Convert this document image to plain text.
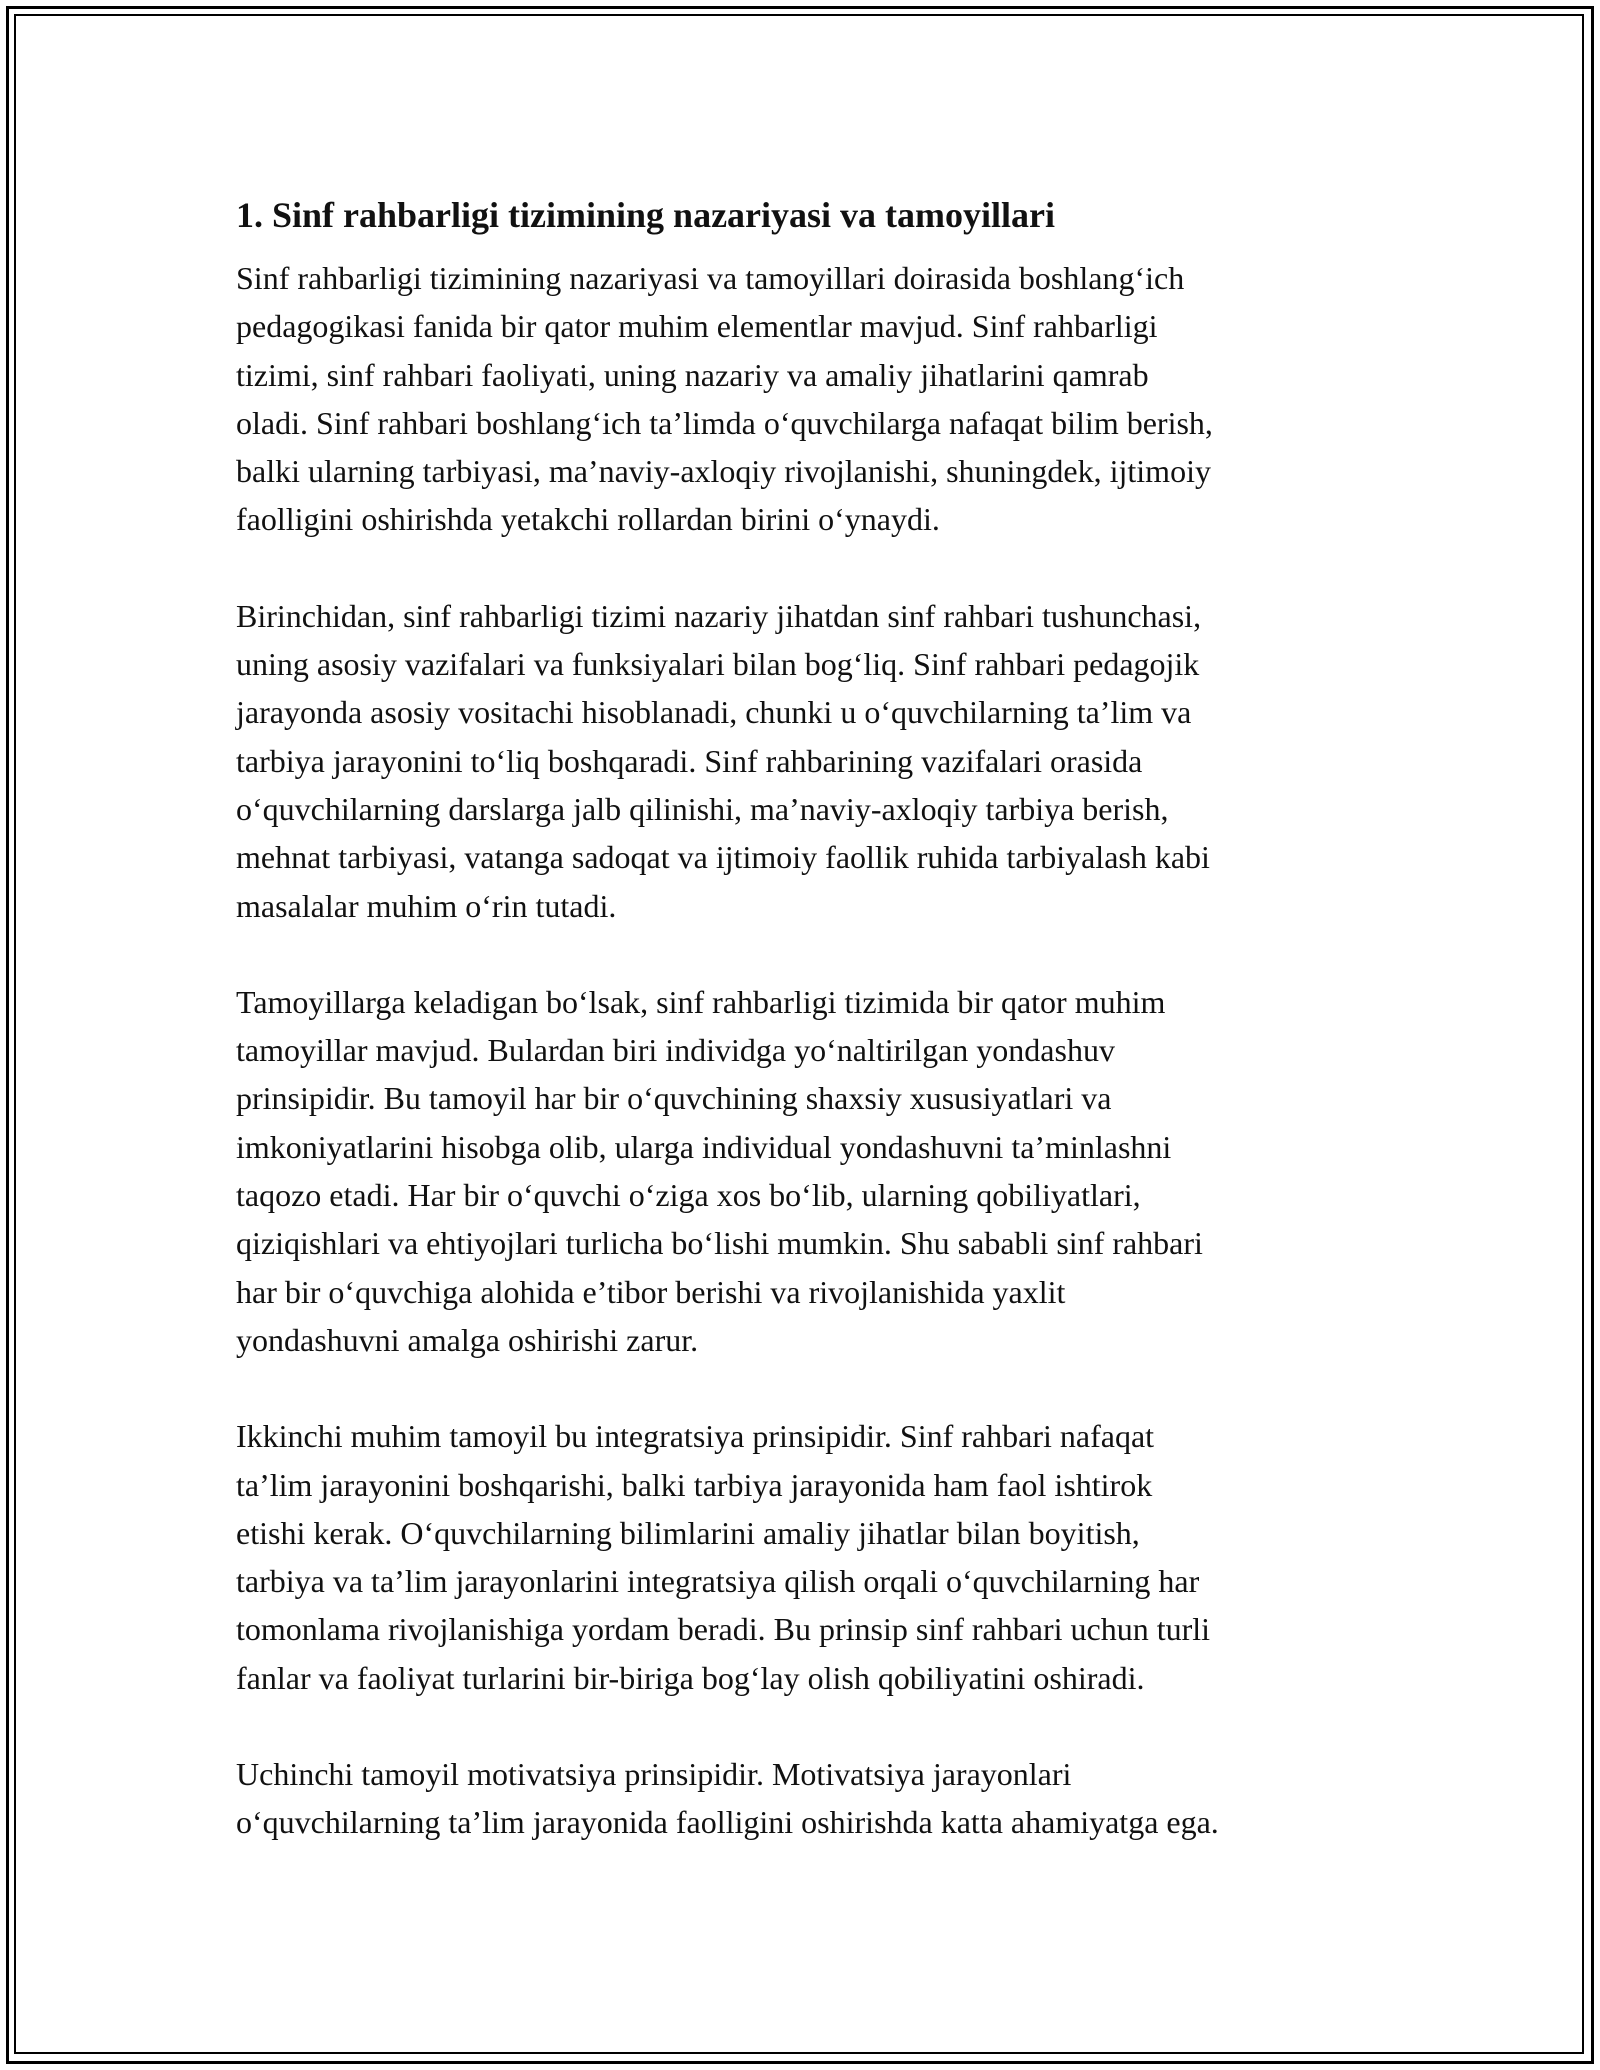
1. Sinf rahbarligi tizimining nazariyasi va tamoyillari

Sinf rahbarligi tizimining nazariyasi va tamoyillari doirasida boshlang‘ich
pedagogikasi fanida bir qator muhim elementlar mavjud. Sinf rahbarligi
tizimi, sinf rahbari faoliyati, uning nazariy va amaliy jihatlarini qamrab
oladi. Sinf rahbari boshlang‘ich ta’limda o‘quvchilarga nafaqat bilim berish,
balki ularning tarbiyasi, ma’naviy-axloqiy rivojlanishi, shuningdek, ijtimoiy
faolligini oshirishda yetakchi rollardan birini o‘ynaydi.

Birinchidan, sinf rahbarligi tizimi nazariy jihatdan sinf rahbari tushunchasi,
uning asosiy vazifalari va funksiyalari bilan bog‘liq. Sinf rahbari pedagojik
jarayonda asosiy vositachi hisoblanadi, chunki u o‘quvchilarning ta’lim va
tarbiya jarayonini to‘liq boshqaradi. Sinf rahbarining vazifalari orasida
o‘quvchilarning darslarga jalb qilinishi, ma’naviy-axloqiy tarbiya berish,
mehnat tarbiyasi, vatanga sadoqat va ijtimoiy faollik ruhida tarbiyalash kabi
masalalar muhim o‘rin tutadi.

Tamoyillarga keladigan bo‘lsak, sinf rahbarligi tizimida bir qator muhim
tamoyillar mavjud. Bulardan biri individga yo‘naltirilgan yondashuv
prinsipidir. Bu tamoyil har bir o‘quvchining shaxsiy xususiyatlari va
imkoniyatlarini hisobga olib, ularga individual yondashuvni ta’minlashni
taqozo etadi. Har bir o‘quvchi o‘ziga xos bo‘lib, ularning qobiliyatlari,
qiziqishlari va ehtiyojlari turlicha bo‘lishi mumkin. Shu sababli sinf rahbari
har bir o‘quvchiga alohida e’tibor berishi va rivojlanishida yaxlit
yondashuvni amalga oshirishi zarur.

Ikkinchi muhim tamoyil bu integratsiya prinsipidir. Sinf rahbari nafaqat
ta’lim jarayonini boshqarishi, balki tarbiya jarayonida ham faol ishtirok
etishi kerak. O‘quvchilarning bilimlarini amaliy jihatlar bilan boyitish,
tarbiya va ta’lim jarayonlarini integratsiya qilish orqali o‘quvchilarning har
tomonlama rivojlanishiga yordam beradi. Bu prinsip sinf rahbari uchun turli
fanlar va faoliyat turlarini bir-biriga bog‘lay olish qobiliyatini oshiradi.

Uchinchi tamoyil motivatsiya prinsipidir. Motivatsiya jarayonlari
o‘quvchilarning ta’lim jarayonida faolligini oshirishda katta ahamiyatga ega.
